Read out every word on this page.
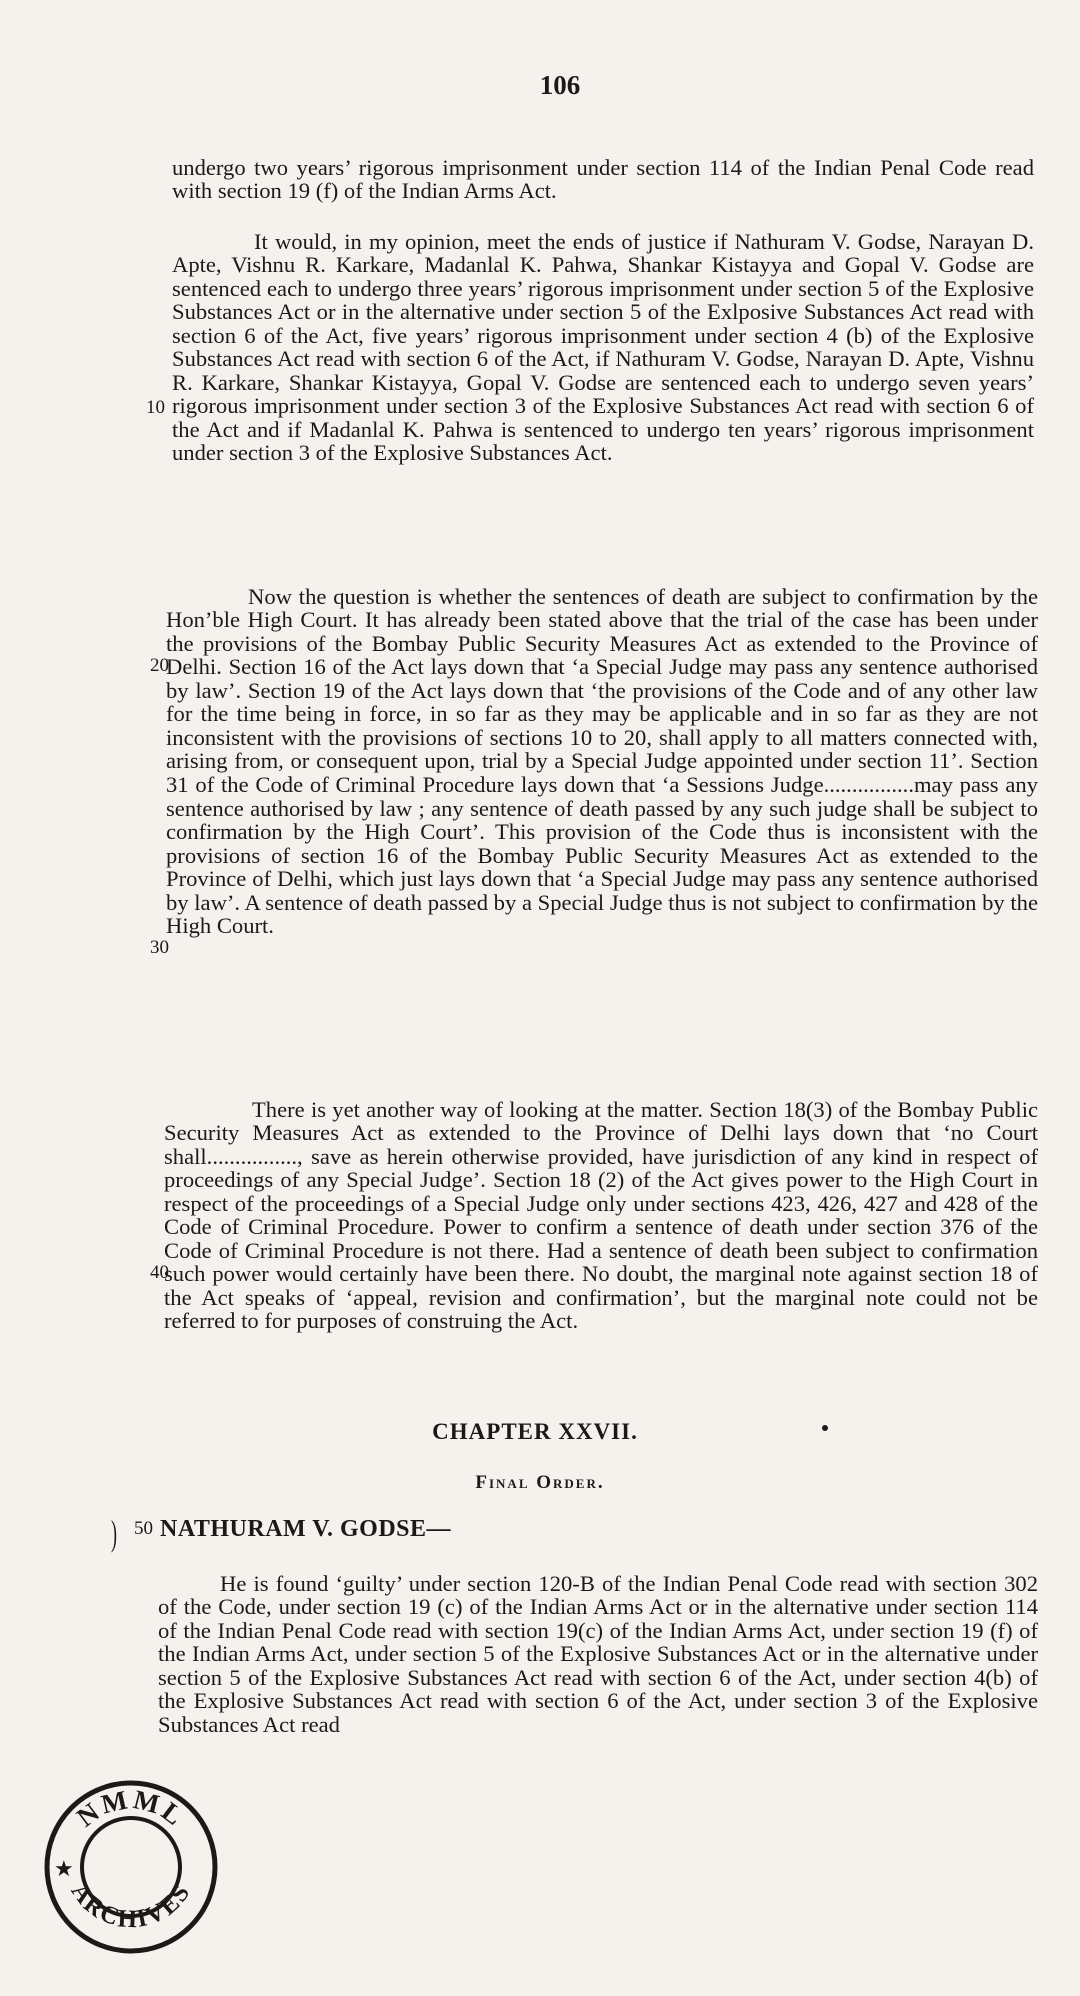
106

undergo two years’ rigorous imprisonment under section 114 of the Indian Penal Code read with section 19 (f) of the Indian Arms Act.

It would, in my opinion, meet the ends of justice if Nathuram V. Godse, Narayan D. Apte, Vishnu R. Karkare, Madanlal K. Pahwa, Shankar Kistayya and Gopal V. Godse are sentenced each to undergo three years’ rigorous imprisonment under section 5 of the Explosive Substances Act or in the alternative under section 5 of the Exlposive Substances Act read with section 6 of the Act, five years’ rigorous imprisonment under section 4 (b) of the Explosive Substances Act read with section 6 of the Act, if Nathuram V. Godse, Narayan D. Apte, Vishnu R. Karkare, Shankar Kistayya, Gopal V. Godse are sentenced each to undergo seven years’ rigorous imprisonment under section 3 of the Explosive Substances Act read with section 6 of the Act and if Madanlal K. Pahwa is sentenced to undergo ten years’ rigorous imprisonment under section 3 of the Explosive Substances Act.

Now the question is whether the sentences of death are subject to confirmation by the Hon’ble High Court. It has already been stated above that the trial of the case has been under the provisions of the Bombay Public Security Measures Act as extended to the Province of Delhi. Section 16 of the Act lays down that ‘a Special Judge may pass any sentence authorised by law’. Section 19 of the Act lays down that ‘the provisions of the Code and of any other law for the time being in force, in so far as they may be applicable and in so far as they are not inconsistent with the provisions of sections 10 to 20, shall apply to all matters connected with, arising from, or consequent upon, trial by a Special Judge appointed under section 11’. Section 31 of the Code of Criminal Procedure lays down that ‘a Sessions Judge................may pass any sentence authorised by law ; any sentence of death passed by any such judge shall be subject to confirmation by the High Court’. This provision of the Code thus is inconsistent with the provisions of section 16 of the Bombay Public Security Measures Act as extended to the Province of Delhi, which just lays down that ‘a Special Judge may pass any sentence authorised by law’. A sentence of death passed by a Special Judge thus is not subject to confirmation by the High Court.

There is yet another way of looking at the matter. Section 18(3) of the Bombay Public Security Measures Act as extended to the Province of Delhi lays down that ‘no Court shall................, save as herein otherwise provided, have jurisdiction of any kind in respect of proceedings of any Special Judge’. Section 18 (2) of the Act gives power to the High Court in respect of the proceedings of a Special Judge only under sections 423, 426, 427 and 428 of the Code of Criminal Procedure. Power to confirm a sentence of death under section 376 of the Code of Criminal Procedure is not there. Had a sentence of death been subject to confirmation such power would certainly have been there. No doubt, the marginal note against section 18 of the Act speaks of ‘appeal, revision and confirmation’, but the marginal note could not be referred to for purposes of construing the Act.

10
20
30
40
50
CHAPTER XXVII.
Final Order.
) NATHURAM V. GODSE—

He is found ‘guilty’ under section 120-B of the Indian Penal Code read with section 302 of the Code, under section 19 (c) of the Indian Arms Act or in the alternative under section 114 of the Indian Penal Code read with section 19(c) of the Indian Arms Act, under section 19 (f) of the Indian Arms Act, under section 5 of the Explosive Substances Act or in the alternative under section 5 of the Explosive Substances Act read with section 6 of the Act, under section 4(b) of the Explosive Substances Act read with section 6 of the Act, under section 3 of the Explosive Substances Act read

NMML
ARCHIVES
★
